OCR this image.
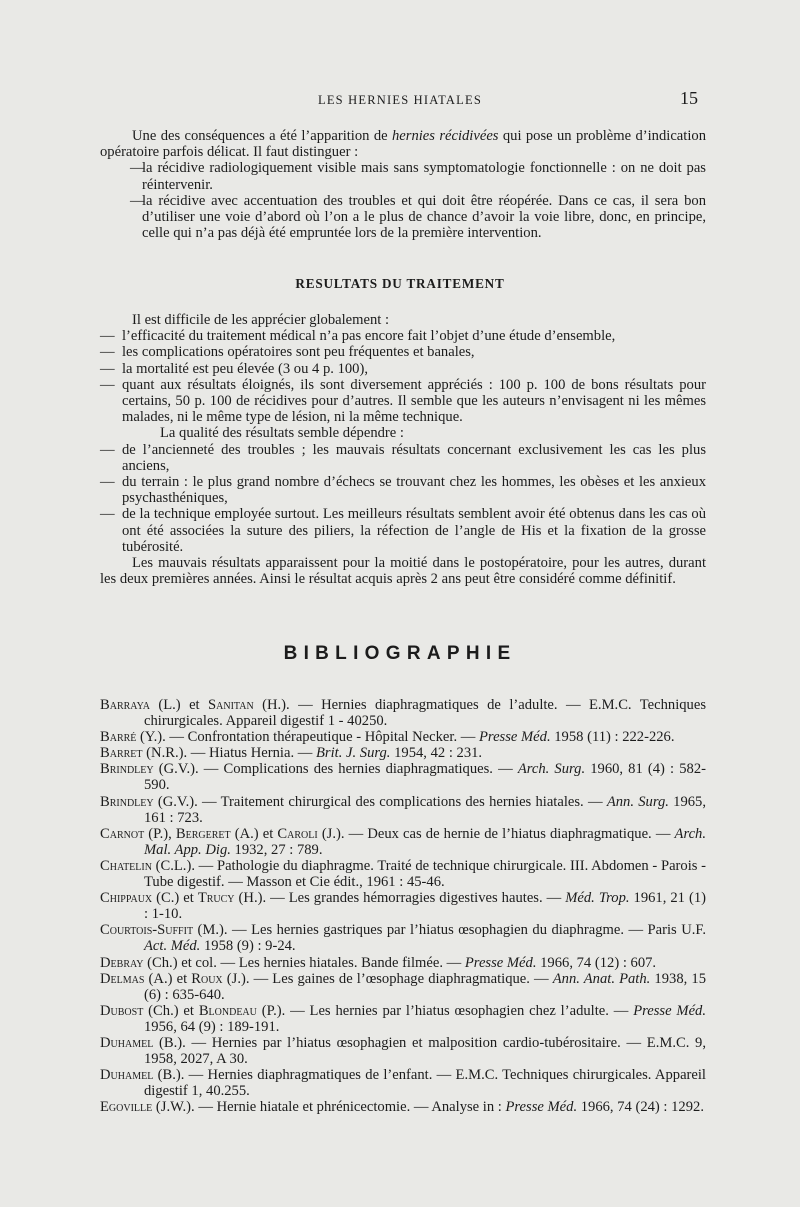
LES HERNIES HIATALES	15

Une des conséquences a été l’apparition de hernies récidivées qui pose un problème d’indication opératoire parfois délicat. Il faut distinguer :

—
la récidive radiologiquement visible mais sans symptomatologie fonctionnelle : on ne doit pas réintervenir.

—
la récidive avec accentuation des troubles et qui doit être réopérée. Dans ce cas, il sera bon d’utiliser une voie d’abord où l’on a le plus de chance d’avoir la voie libre, donc, en principe, celle qui n’a pas déjà été empruntée lors de la première intervention.

RESULTATS DU TRAITEMENT

Il est difficile de les apprécier globalement :

— l’efficacité du traitement médical n’a pas encore fait l’objet d’une étude d’ensemble,

— les complications opératoires sont peu fréquentes et banales,

— la mortalité est peu élevée (3 ou 4 p. 100),

— quant aux résultats éloignés, ils sont diversement appréciés : 100 p. 100 de bons résultats pour certains, 50 p. 100 de récidives pour d’autres. Il semble que les auteurs n’envisagent ni les mêmes malades, ni le même type de lésion, ni la même technique.

La qualité des résultats semble dépendre :

— de l’ancienneté des troubles ; les mauvais résultats concernant exclusivement les cas les plus anciens,

— du terrain : le plus grand nombre d’échecs se trouvant chez les hommes, les obèses et les anxieux psychasthéniques,

— de la technique employée surtout. Les meilleurs résultats semblent avoir été obtenus dans les cas où ont été associées la suture des piliers, la réfection de l’angle de His et la fixation de la grosse tubérosité.

Les mauvais résultats apparaissent pour la moitié dans le postopératoire, pour les autres, durant les deux premières années. Ainsi le résultat acquis après 2 ans peut être considéré comme définitif.

BIBLIOGRAPHIE

Barraya (L.) et Sanitan (H.). — Hernies diaphragmatiques de l’adulte. — E.M.C. Techniques chirurgicales. Appareil digestif 1 - 40250.

Barré (Y.). — Confrontation thérapeutique - Hôpital Necker. — Presse Méd. 1958 (11) : 222-226.

Barret (N.R.). — Hiatus Hernia. — Brit. J. Surg. 1954, 42 : 231.

Brindley (G.V.). — Complications des hernies diaphragmatiques. — Arch. Surg. 1960, 81 (4) : 582-590.

Brindley (G.V.). — Traitement chirurgical des complications des hernies hiatales. — Ann. Surg. 1965, 161 : 723.

Carnot (P.), Bergeret (A.) et Caroli (J.). — Deux cas de hernie de l’hiatus diaphragmatique. — Arch. Mal. App. Dig. 1932, 27 : 789.

Chatelin (C.L.). — Pathologie du diaphragme. Traité de technique chirurgicale. III. Abdomen - Parois - Tube digestif. — Masson et Cie édit., 1961 : 45-46.

Chippaux (C.) et Trucy (H.). — Les grandes hémorragies digestives hautes. — Méd. Trop. 1961, 21 (1) : 1-10.

Courtois-Suffit (M.). — Les hernies gastriques par l’hiatus œsophagien du diaphragme. — Paris U.F. Act. Méd. 1958 (9) : 9-24.

Debray (Ch.) et col. — Les hernies hiatales. Bande filmée. — Presse Méd. 1966, 74 (12) : 607.

Delmas (A.) et Roux (J.). — Les gaines de l’œsophage diaphragmatique. — Ann. Anat. Path. 1938, 15 (6) : 635-640.

Dubost (Ch.) et Blondeau (P.). — Les hernies par l’hiatus œsophagien chez l’adulte. — Presse Méd. 1956, 64 (9) : 189-191.

Duhamel (B.). — Hernies par l’hiatus œsophagien et malposition cardio-tubérositaire. — E.M.C. 9, 1958, 2027, A 30.

Duhamel (B.). — Hernies diaphragmatiques de l’enfant. — E.M.C. Techniques chirurgicales. Appareil digestif 1, 40.255.

Egoville (J.W.). — Hernie hiatale et phrénicectomie. — Analyse in : Presse Méd. 1966, 74 (24) : 1292.
